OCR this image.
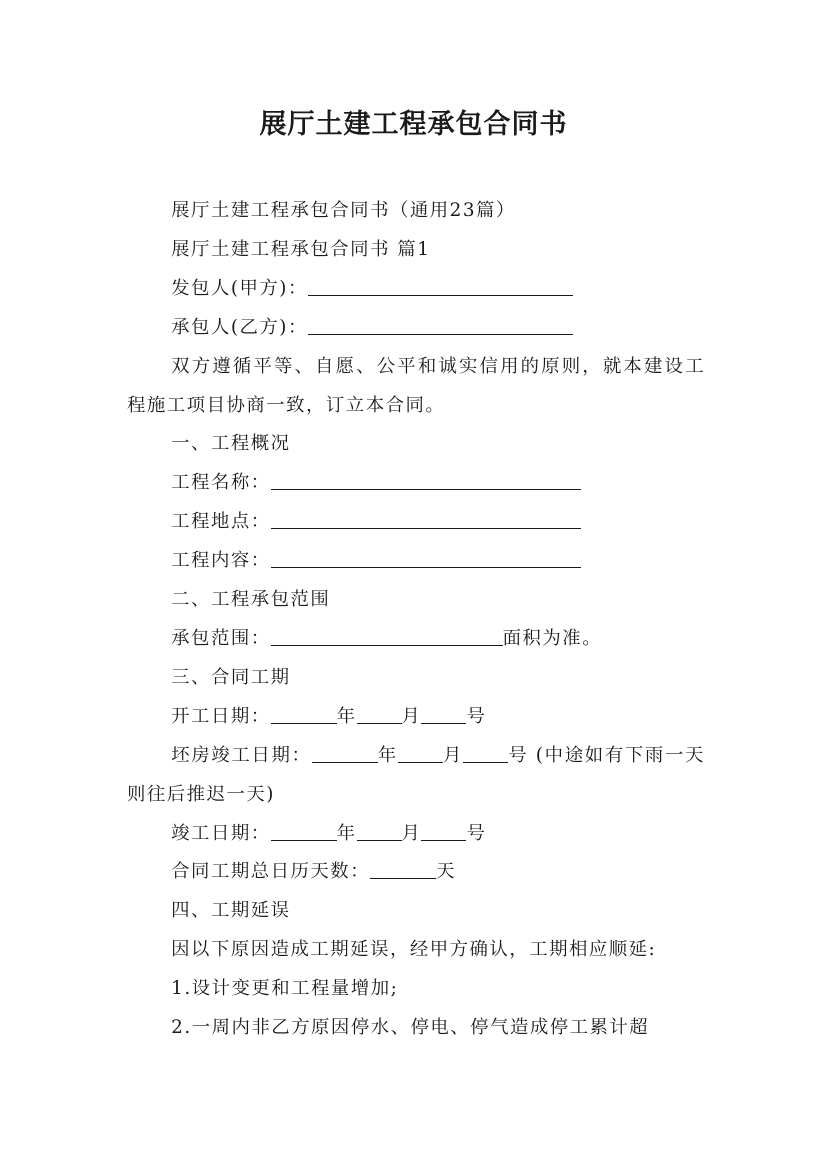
展厅土建工程承包合同书
展厅土建工程承包合同书（通用23篇）
展厅土建工程承包合同书 篇1
发包人(甲方)：
承包人(乙方)：
双方遵循平等、自愿、公平和诚实信用的原则，就本建设工程施工项目协商一致，订立本合同。
一、工程概况
工程名称：
工程地点：
工程内容：
二、工程承包范围
承包范围：	面积为准。
三、合同工期
开工日期：	年 月 号
坯房竣工日期：	年 月 号 (中途如有下雨一天则往后推迟一天)
竣工日期：	年 月 号
合同工期总日历天数：	天
四、工期延误
因以下原因造成工期延误，经甲方确认，工期相应顺延:
1.设计变更和工程量增加;
2.一周内非乙方原因停水、停电、停气造成停工累计超
